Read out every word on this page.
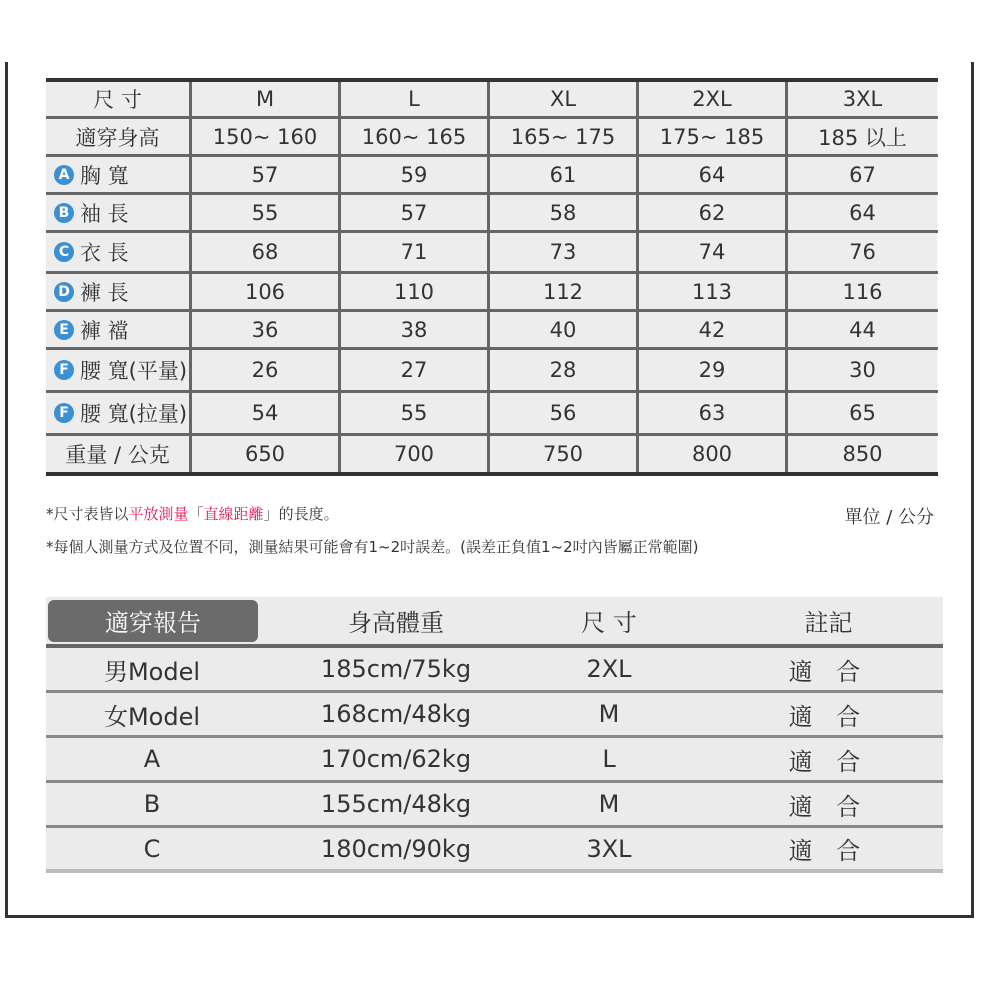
尺 寸	M	L	XL	2XL	3XL
適穿身高	150~ 160	160~ 165	165~ 175	175~ 185	185 以上
A 胸 寬	57	59	61	64	67
B 袖 長	55	57	58	62	64
C 衣 長	68	71	73	74	76
D 褲 長	106	110	112	113	116
E 褲 襠	36	38	40	42	44
F 腰 寬(平量)	26	27	28	29	30
F 腰 寬(拉量)	54	55	56	63	65
重量 / 公克	650	700	750	800	850
*尺寸表皆以平放測量「直線距離」的長度。	單位 / 公分
*每個人測量方式及位置不同，測量結果可能會有1~2吋誤差。(誤差正負值1~2吋內皆屬正常範圍)
適穿報告	身高體重	尺 寸	註記
男Model	185cm/75kg	2XL	適 合
女Model	168cm/48kg	M	適 合
A	170cm/62kg	L	適 合
B	155cm/48kg	M	適 合
C	180cm/90kg	3XL	適 合
